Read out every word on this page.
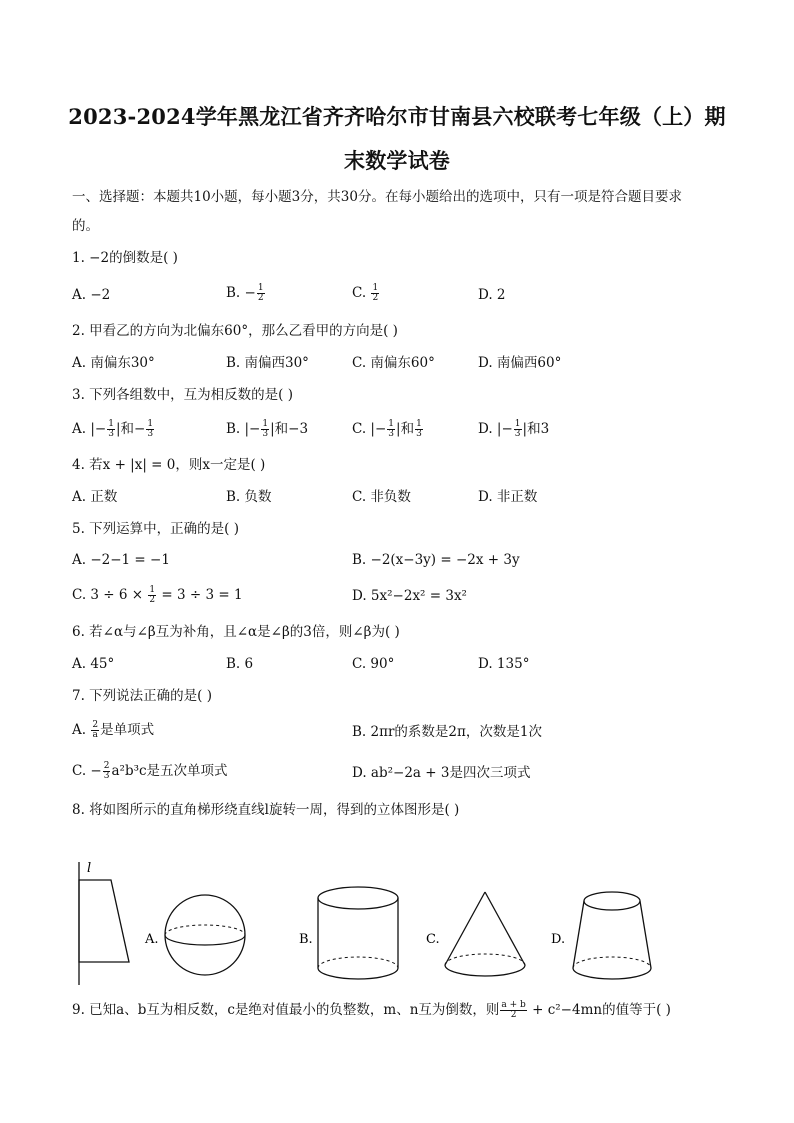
2023-2024学年黑龙江省齐齐哈尔市甘南县六校联考七年级（上）期
末数学试卷
一、选择题：本题共10小题，每小题3分，共30分。在每小题给出的选项中，只有一项是符合题目要求
的。
1. −2的倒数是( )
A. −2	B. − $\frac{1}{2}$	C. $\frac{1}{2}$	D. 2
2. 甲看乙的方向为北偏东60°，那么乙看甲的方向是( )
A. 南偏东30°	B. 南偏西30°	C. 南偏东60°	D. 南偏西60°
3. 下列各组数中，互为相反数的是( )
A. |− $\frac{1}{3}$ |和− $\frac{1}{3}$	B. |− $\frac{1}{3}$ |和−3	C. |− $\frac{1}{3}$ |和 $\frac{1}{3}$	D. |− $\frac{1}{3}$ |和3
4. 若x + |x| = 0，则x一定是( )
A. 正数	B. 负数	C. 非负数	D. 非正数
5. 下列运算中，正确的是( )
A. −2−1 = −1	B. −2(x−3y) = −2x + 3y
C. $3 \div 6 \times \frac{1}{2} = 3 \div 3 = 1$	D. 5x²−2x² = 3x²
6. 若∠α与∠β互为补角，且∠α是∠β的3倍，则∠β为( )
A. 45°	B. 6	C. 90°	D. 135°
7. 下列说法正确的是( )
A. $\frac{2}{a}$ 是单项式	B. 2πr的系数是2π，次数是1次
C. − $\frac{2}{3} a^2b^3c$是五次单项式	D. ab²−2a + 3是四次三项式
8. 将如图所示的直角梯形绕直线l旋转一周，得到的立体图形是( )
l
A.	B.	C.	D.
9. 已知a、b互为相反数，c是绝对值最小的负整数，m、n互为倒数，则 $\frac{a + b}{2} + c^2-4mn$的值等于( )
